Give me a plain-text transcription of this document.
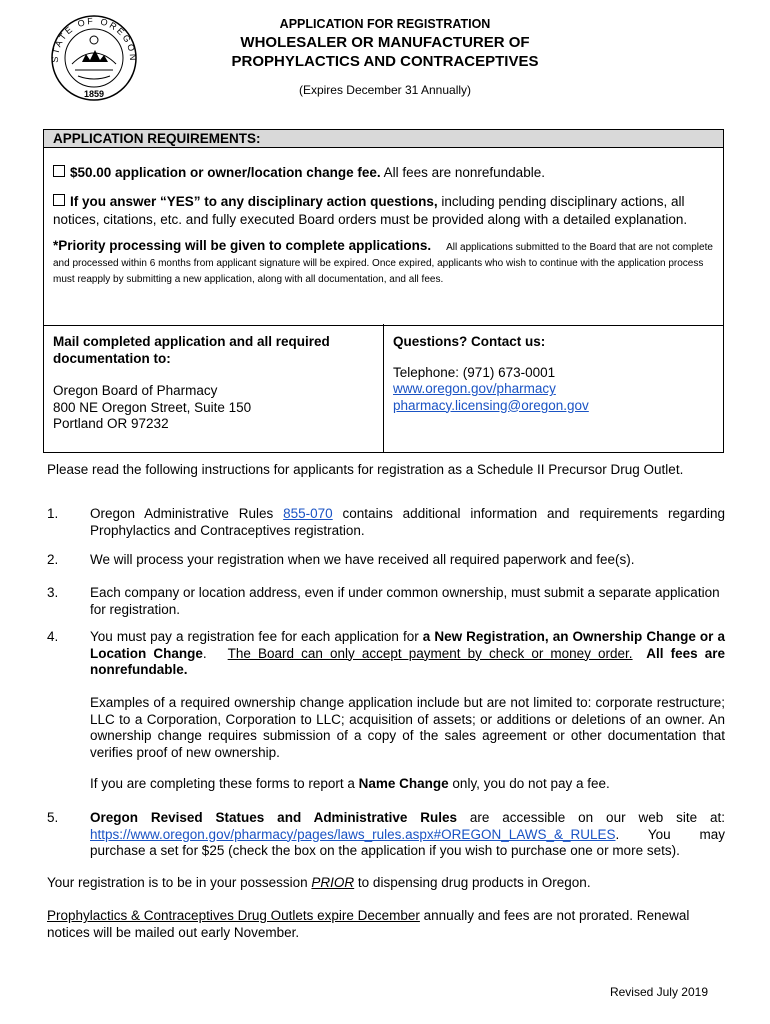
STATE OF OREGON
1859
APPLICATION FOR REGISTRATION
WHOLESALER OR MANUFACTURER OF
PROPHYLACTICS AND CONTRACEPTIVES
(Expires December 31 Annually)
APPLICATION REQUIREMENTS:
$50.00 application or owner/location change fee. All fees are nonrefundable.
If you answer “YES” to any disciplinary action questions, including pending disciplinary actions, all notices, citations, etc. and fully executed Board orders must be provided along with a detailed explanation.
*Priority processing will be given to complete applications. All applications submitted to the Board that are not complete and processed within 6 months from applicant signature will be expired. Once expired, applicants who wish to continue with the application process must reapply by submitting a new application, along with all documentation, and all fees.
Mail completed application and all required documentation to:
Oregon Board of Pharmacy
800 NE Oregon Street, Suite 150
Portland OR 97232
Questions? Contact us:
Telephone: (971) 673-0001
www.oregon.gov/pharmacy
pharmacy.licensing@oregon.gov
Please read the following instructions for applicants for registration as a Schedule II Precursor Drug Outlet.
1. Oregon Administrative Rules 855-070 contains additional information and requirements regarding Prophylactics and Contraceptives registration.
2. We will process your registration when we have received all required paperwork and fee(s).
3. Each company or location address, even if under common ownership, must submit a separate application for registration.
4. You must pay a registration fee for each application for a New Registration, an Ownership Change or a Location Change.   The Board can only accept payment by check or money order.  All fees are nonrefundable.
Examples of a required ownership change application include but are not limited to: corporate restructure; LLC to a Corporation, Corporation to LLC; acquisition of assets; or additions or deletions of an owner. An ownership change requires submission of a copy of the sales agreement or other documentation that verifies proof of new ownership.
If you are completing these forms to report a Name Change only, you do not pay a fee.
5. Oregon Revised Statues and Administrative Rules are accessible on our web site at: https://www.oregon.gov/pharmacy/pages/laws_rules.aspx#OREGON_LAWS_&_RULES. You may purchase a set for $25 (check the box on the application if you wish to purchase one or more sets).
Your registration is to be in your possession PRIOR to dispensing drug products in Oregon.
Prophylactics & Contraceptives Drug Outlets expire December annually and fees are not prorated. Renewal notices will be mailed out early November.
Revised July 2019
